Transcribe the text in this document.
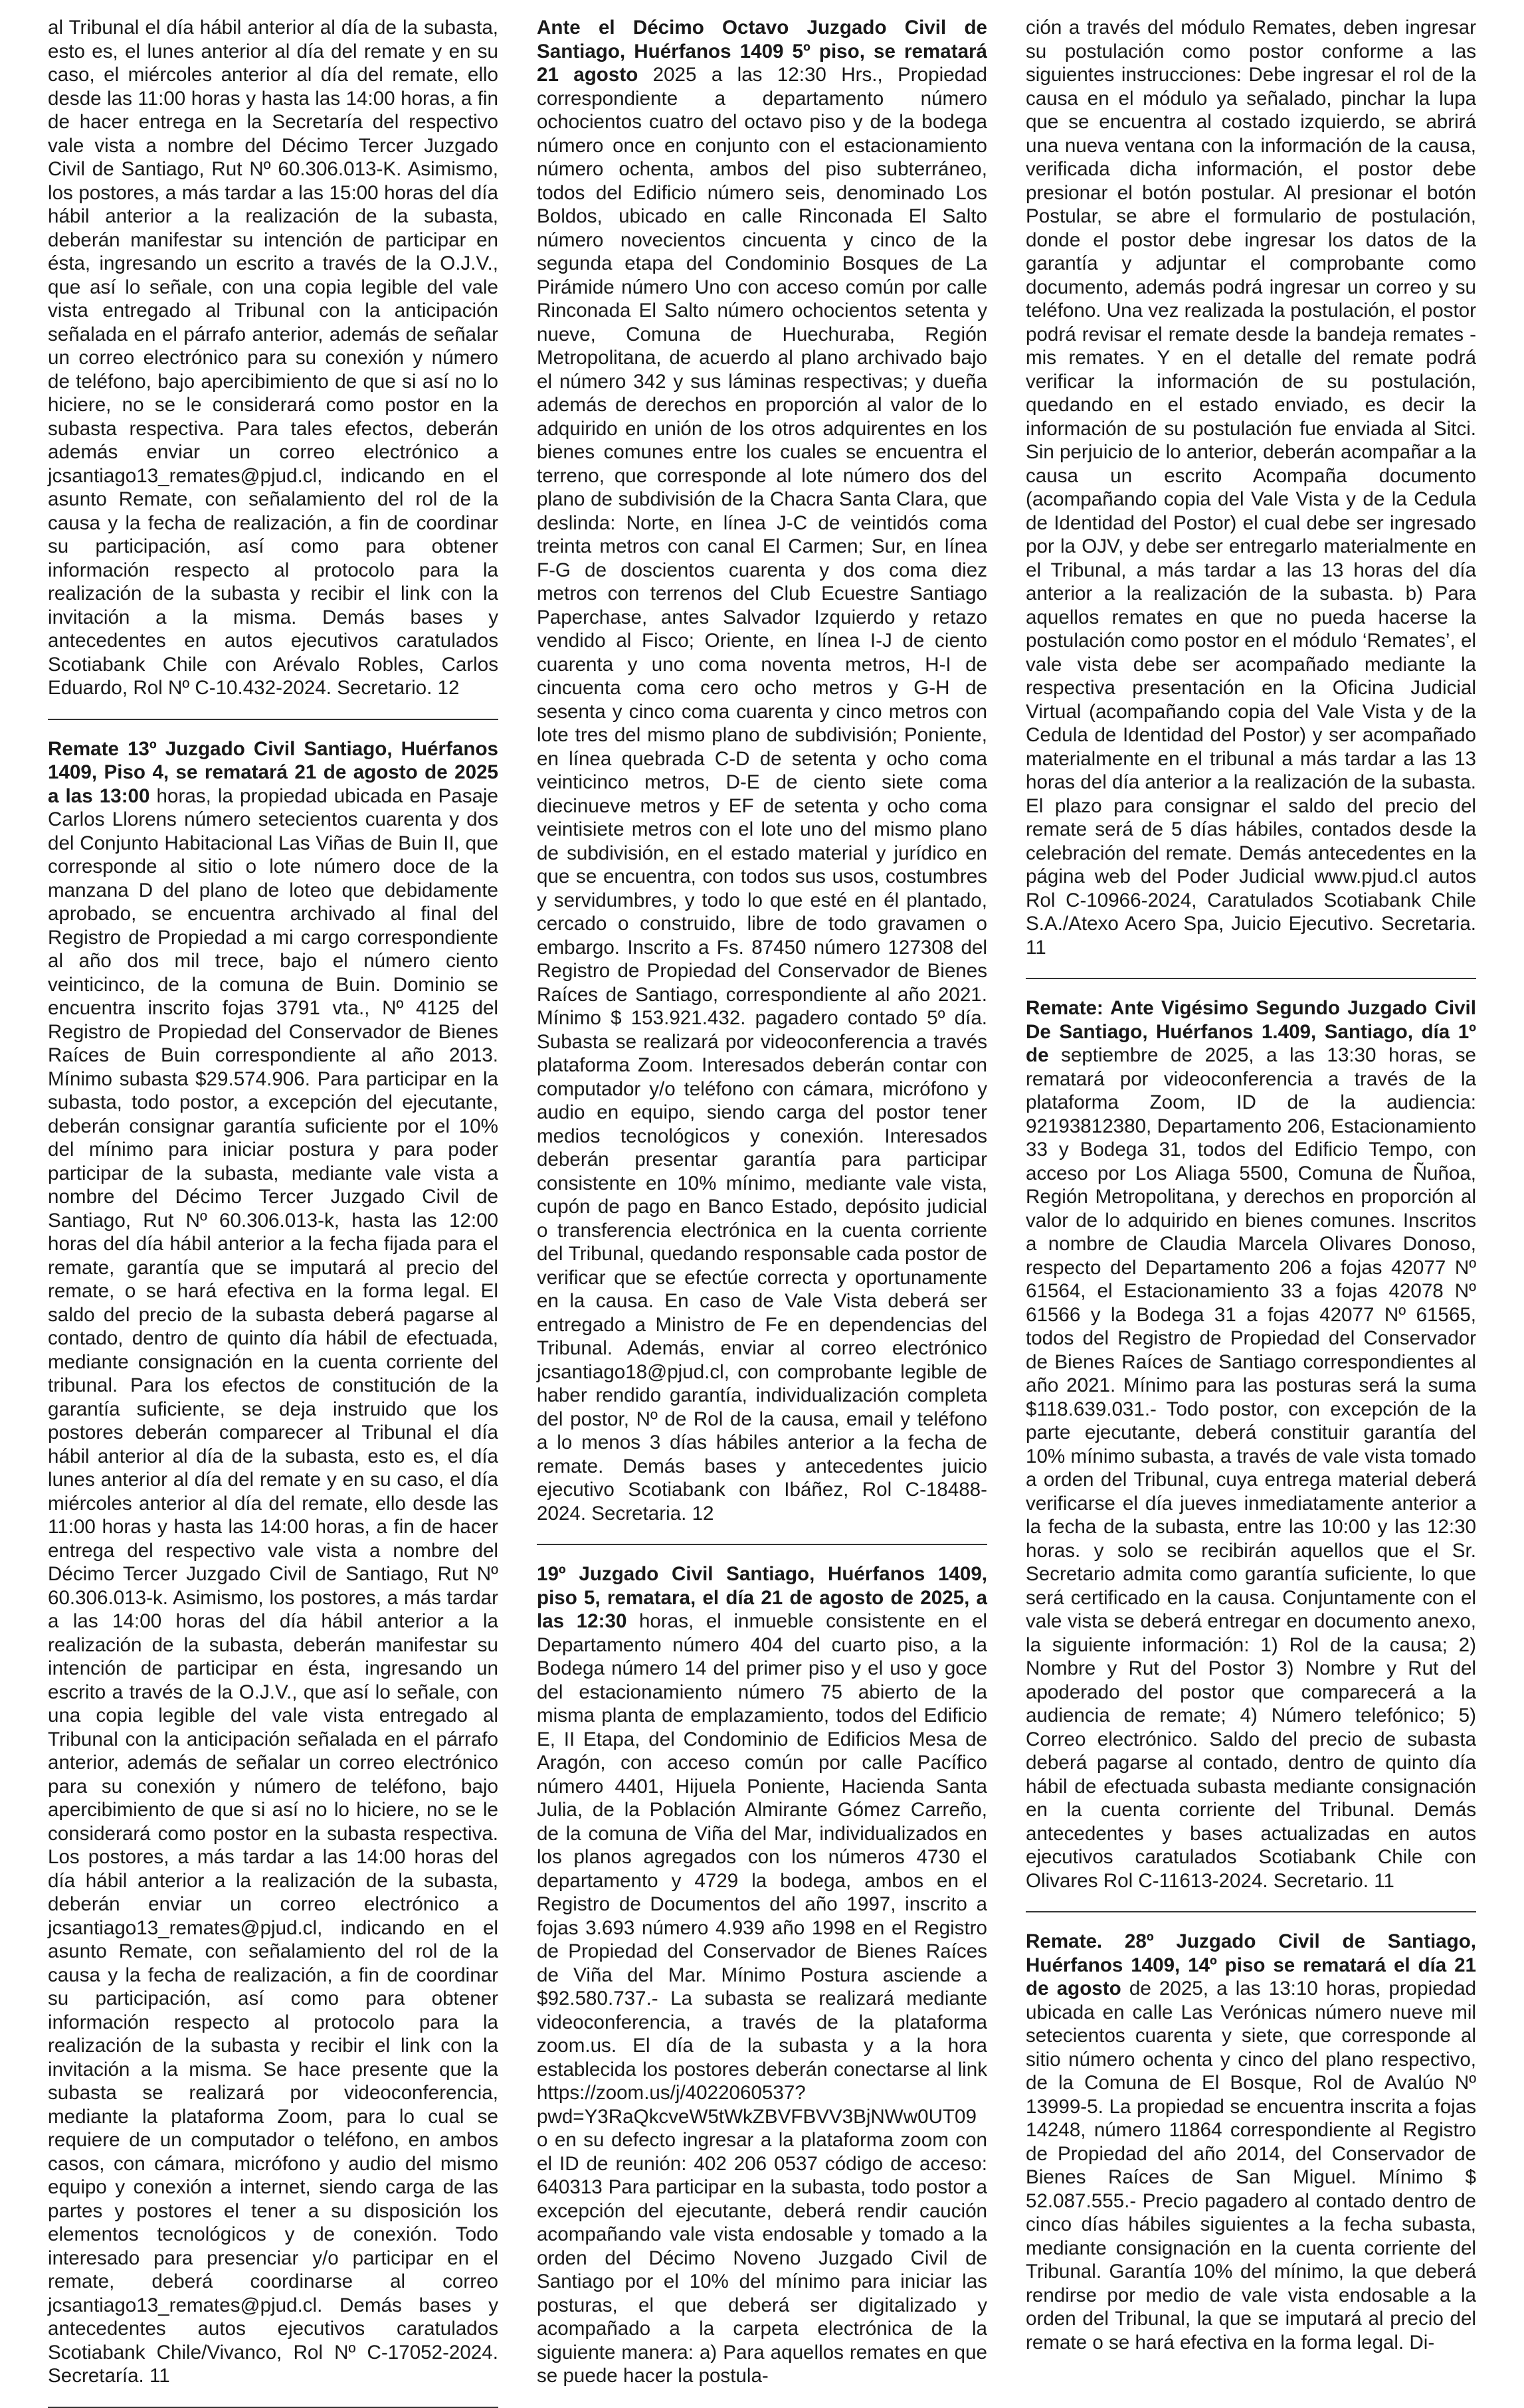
al Tribunal el día hábil anterior al día de la subasta, esto es, el lunes anterior al día del remate y en su caso, el miércoles anterior al día del remate, ello desde las 11:00 horas y hasta las 14:00 horas, a fin de hacer entrega en la Secretaría del respectivo vale vista a nombre del Décimo Tercer Juzgado Civil de Santiago, Rut Nº 60.306.013-K. Asimismo, los postores, a más tardar a las 15:00 horas del día hábil anterior a la realización de la subasta, deberán manifestar su intención de participar en ésta, ingresando un escrito a través de la O.J.V., que así lo señale, con una copia legible del vale vista entregado al Tribunal con la anticipación señalada en el párrafo anterior, además de señalar un correo electrónico para su conexión y número de teléfono, bajo apercibimiento de que si así no lo hiciere, no se le considerará como postor en la subasta respectiva. Para tales efectos, deberán además enviar un correo electrónico a jcsantiago13_remates@pjud.cl, indicando en el asunto Remate, con señalamiento del rol de la causa y la fecha de realización, a fin de coordinar su participación, así como para obtener información respecto al protocolo para la realización de la subasta y recibir el link con la invitación a la misma. Demás bases y antecedentes en autos ejecutivos caratulados Scotiabank Chile con Arévalo Robles, Carlos Eduardo, Rol Nº C-10.432-2024. Secretario. 12

Remate 13º Juzgado Civil Santiago, Huérfanos 1409, Piso 4, se rematará 21 de agosto de 2025 a las 13:00 horas, la propiedad ubicada en Pasaje Carlos Llorens número setecientos cuarenta y dos del Conjunto Habitacional Las Viñas de Buin II, que corresponde al sitio o lote número doce de la manzana D del plano de loteo que debidamente aprobado, se encuentra archivado al final del Registro de Propiedad a mi cargo correspondiente al año dos mil trece, bajo el número ciento veinticinco, de la comuna de Buin. Dominio se encuentra inscrito fojas 3791 vta., Nº 4125 del Registro de Propiedad del Conservador de Bienes Raíces de Buin correspondiente al año 2013. Mínimo subasta $29.574.906. Para participar en la subasta, todo postor, a excepción del ejecutante, deberán consignar garantía suficiente por el 10% del mínimo para iniciar postura y para poder participar de la subasta, mediante vale vista a nombre del Décimo Tercer Juzgado Civil de Santiago, Rut Nº 60.306.013-k, hasta las 12:00 horas del día hábil anterior a la fecha fijada para el remate, garantía que se imputará al precio del remate, o se hará efectiva en la forma legal. El saldo del precio de la subasta deberá pagarse al contado, dentro de quinto día hábil de efectuada, mediante consignación en la cuenta corriente del tribunal. Para los efectos de constitución de la garantía suficiente, se deja instruido que los postores deberán comparecer al Tribunal el día hábil anterior al día de la subasta, esto es, el día lunes anterior al día del remate y en su caso, el día miércoles anterior al día del remate, ello desde las 11:00 horas y hasta las 14:00 horas, a fin de hacer entrega del respectivo vale vista a nombre del Décimo Tercer Juzgado Civil de Santiago, Rut Nº 60.306.013-k. Asimismo, los postores, a más tardar a las 14:00 horas del día hábil anterior a la realización de la subasta, deberán manifestar su intención de participar en ésta, ingresando un escrito a través de la O.J.V., que así lo señale, con una copia legible del vale vista entregado al Tribunal con la anticipación señalada en el párrafo anterior, además de señalar un correo electrónico para su conexión y número de teléfono, bajo apercibimiento de que si así no lo hiciere, no se le considerará como postor en la subasta respectiva. Los postores, a más tardar a las 14:00 horas del día hábil anterior a la realización de la subasta, deberán enviar un correo electrónico a jcsantiago13_remates@pjud.cl, indicando en el asunto Remate, con señalamiento del rol de la causa y la fecha de realización, a fin de coordinar su participación, así como para obtener información respecto al protocolo para la realización de la subasta y recibir el link con la invitación a la misma. Se hace presente que la subasta se realizará por videoconferencia, mediante la plataforma Zoom, para lo cual se requiere de un computador o teléfono, en ambos casos, con cámara, micrófono y audio del mismo equipo y conexión a internet, siendo carga de las partes y postores el tener a su disposición los elementos tecnológicos y de conexión. Todo interesado para presenciar y/o participar en el remate, deberá coordinarse al correo jcsantiago13_remates@pjud.cl. Demás bases y antecedentes autos ejecutivos caratulados Scotiabank Chile/Vivanco, Rol Nº C-17052-2024. Secretaría. 11

Ante el Décimo Octavo Juzgado Civil de Santiago, Huérfanos 1409 5º piso, se rematará 21 agosto 2025 a las 12:30 Hrs., Propiedad correspondiente a departamento número ochocientos cuatro del octavo piso y de la bodega número once en conjunto con el estacionamiento número ochenta, ambos del piso subterráneo, todos del Edificio número seis, denominado Los Boldos, ubicado en calle Rinconada El Salto número novecientos cincuenta y cinco de la segunda etapa del Condominio Bosques de La Pirámide número Uno con acceso común por calle Rinconada El Salto número ochocientos setenta y nueve, Comuna de Huechuraba, Región Metropolitana, de acuerdo al plano archivado bajo el número 342 y sus láminas respectivas; y dueña además de derechos en proporción al valor de lo adquirido en unión de los otros adquirentes en los bienes comunes entre los cuales se encuentra el terreno, que corresponde al lote número dos del plano de subdivisión de la Chacra Santa Clara, que deslinda: Norte, en línea J-C de veintidós coma treinta metros con canal El Carmen; Sur, en línea F-G de doscientos cuarenta y dos coma diez metros con terrenos del Club Ecuestre Santiago Paperchase, antes Salvador Izquierdo y retazo vendido al Fisco; Oriente, en línea I-J de ciento cuarenta y uno coma noventa metros, H-I de cincuenta coma cero ocho metros y G-H de sesenta y cinco coma cuarenta y cinco metros con lote tres del mismo plano de subdivisión; Poniente, en línea quebrada C-D de setenta y ocho coma veinticinco metros, D-E de ciento siete coma diecinueve metros y EF de setenta y ocho coma veintisiete metros con el lote uno del mismo plano de subdivisión, en el estado material y jurídico en que se encuentra, con todos sus usos, costumbres y servidumbres, y todo lo que esté en él plantado, cercado o construido, libre de todo gravamen o embargo. Inscrito a Fs. 87450 número 127308 del Registro de Propiedad del Conservador de Bienes Raíces de Santiago, correspondiente al año 2021. Mínimo $ 153.921.432. pagadero contado 5º día. Subasta se realizará por videoconferencia a través plataforma Zoom. Interesados deberán contar con computador y/o teléfono con cámara, micrófono y audio en equipo, siendo carga del postor tener medios tecnológicos y conexión. Interesados deberán presentar garantía para participar consistente en 10% mínimo, mediante vale vista, cupón de pago en Banco Estado, depósito judicial o transferencia electrónica en la cuenta corriente del Tribunal, quedando responsable cada postor de verificar que se efectúe correcta y oportunamente en la causa. En caso de Vale Vista deberá ser entregado a Ministro de Fe en dependencias del Tribunal. Además, enviar al correo electrónico jcsantiago18@pjud.cl, con comprobante legible de haber rendido garantía, individualización completa del postor, Nº de Rol de la causa, email y teléfono a lo menos 3 días hábiles anterior a la fecha de remate. Demás bases y antecedentes juicio ejecutivo Scotiabank con Ibáñez, Rol C-18488-2024. Secretaria. 12

19º Juzgado Civil Santiago, Huérfanos 1409, piso 5, rematara, el día 21 de agosto de 2025, a las 12:30 horas, el inmueble consistente en el Departamento número 404 del cuarto piso, a la Bodega número 14 del primer piso y el uso y goce del estacionamiento número 75 abierto de la misma planta de emplazamiento, todos del Edificio E, II Etapa, del Condominio de Edificios Mesa de Aragón, con acceso común por calle Pacífico número 4401, Hijuela Poniente, Hacienda Santa Julia, de la Población Almirante Gómez Carreño, de la comuna de Viña del Mar, individualizados en los planos agregados con los números 4730 el departamento y 4729 la bodega, ambos en el Registro de Documentos del año 1997, inscrito a fojas 3.693 número 4.939 año 1998 en el Registro de Propiedad del Conservador de Bienes Raíces de Viña del Mar. Mínimo Postura asciende a $92.580.737.- La subasta se realizará mediante videoconferencia, a través de la plataforma zoom.us. El día de la subasta y a la hora establecida los postores deberán conectarse al link https://zoom.us/j/4022060537?pwd=Y3RaQkcveW5tWkZBVFBVV3BjNWw0UT09 o en su defecto ingresar a la plataforma zoom con el ID de reunión: 402 206 0537 código de acceso: 640313 Para participar en la subasta, todo postor a excepción del ejecutante, deberá rendir caución acompañando vale vista endosable y tomado a la orden del Décimo Noveno Juzgado Civil de Santiago por el 10% del mínimo para iniciar las posturas, el que deberá ser digitalizado y acompañado a la carpeta electrónica de la siguiente manera: a) Para aquellos remates en que se puede hacer la postula-

ción a través del módulo Remates, deben ingresar su postulación como postor conforme a las siguientes instrucciones: Debe ingresar el rol de la causa en el módulo ya señalado, pinchar la lupa que se encuentra al costado izquierdo, se abrirá una nueva ventana con la información de la causa, verificada dicha información, el postor debe presionar el botón postular. Al presionar el botón Postular, se abre el formulario de postulación, donde el postor debe ingresar los datos de la garantía y adjuntar el comprobante como documento, además podrá ingresar un correo y su teléfono. Una vez realizada la postulación, el postor podrá revisar el remate desde la bandeja remates - mis remates. Y en el detalle del remate podrá verificar la información de su postulación, quedando en el estado enviado, es decir la información de su postulación fue enviada al Sitci. Sin perjuicio de lo anterior, deberán acompañar a la causa un escrito Acompaña documento (acompañando copia del Vale Vista y de la Cedula de Identidad del Postor) el cual debe ser ingresado por la OJV, y debe ser entregarlo materialmente en el Tribunal, a más tardar a las 13 horas del día anterior a la realización de la subasta. b) Para aquellos remates en que no pueda hacerse la postulación como postor en el módulo ‘Remates’, el vale vista debe ser acompañado mediante la respectiva presentación en la Oficina Judicial Virtual (acompañando copia del Vale Vista y de la Cedula de Identidad del Postor) y ser acompañado materialmente en el tribunal a más tardar a las 13 horas del día anterior a la realización de la subasta. El plazo para consignar el saldo del precio del remate será de 5 días hábiles, contados desde la celebración del remate. Demás antecedentes en la página web del Poder Judicial www.pjud.cl autos Rol C-10966-2024, Caratulados Scotiabank Chile S.A./Atexo Acero Spa, Juicio Ejecutivo. Secretaria. 11

Remate: Ante Vigésimo Segundo Juzgado Civil De Santiago, Huérfanos 1.409, Santiago, día 1º de septiembre de 2025, a las 13:30 horas, se rematará por videoconferencia a través de la plataforma Zoom, ID de la audiencia: 92193812380, Departamento 206, Estacionamiento 33 y Bodega 31, todos del Edificio Tempo, con acceso por Los Aliaga 5500, Comuna de Ñuñoa, Región Metropolitana, y derechos en proporción al valor de lo adquirido en bienes comunes. Inscritos a nombre de Claudia Marcela Olivares Donoso, respecto del Departamento 206 a fojas 42077 Nº 61564, el Estacionamiento 33 a fojas 42078 Nº 61566 y la Bodega 31 a fojas 42077 Nº 61565, todos del Registro de Propiedad del Conservador de Bienes Raíces de Santiago correspondientes al año 2021. Mínimo para las posturas será la suma $118.639.031.- Todo postor, con excepción de la parte ejecutante, deberá constituir garantía del 10% mínimo subasta, a través de vale vista tomado a orden del Tribunal, cuya entrega material deberá verificarse el día jueves inmediatamente anterior a la fecha de la subasta, entre las 10:00 y las 12:30 horas. y solo se recibirán aquellos que el Sr. Secretario admita como garantía suficiente, lo que será certificado en la causa. Conjuntamente con el vale vista se deberá entregar en documento anexo, la siguiente información: 1) Rol de la causa; 2) Nombre y Rut del Postor 3) Nombre y Rut del apoderado del postor que comparecerá a la audiencia de remate; 4) Número telefónico; 5) Correo electrónico. Saldo del precio de subasta deberá pagarse al contado, dentro de quinto día hábil de efectuada subasta mediante consignación en la cuenta corriente del Tribunal. Demás antecedentes y bases actualizadas en autos ejecutivos caratulados Scotiabank Chile con Olivares Rol C-11613-2024. Secretario. 11

Remate. 28º Juzgado Civil de Santiago, Huérfanos 1409, 14º piso se rematará el día 21 de agosto de 2025, a las 13:10 horas, propiedad ubicada en calle Las Verónicas número nueve mil setecientos cuarenta y siete, que corresponde al sitio número ochenta y cinco del plano respectivo, de la Comuna de El Bosque, Rol de Avalúo Nº 13999-5. La propiedad se encuentra inscrita a fojas 14248, número 11864 correspondiente al Registro de Propiedad del año 2014, del Conservador de Bienes Raíces de San Miguel. Mínimo $ 52.087.555.- Precio pagadero al contado dentro de cinco días hábiles siguientes a la fecha subasta, mediante consignación en la cuenta corriente del Tribunal. Garantía 10% del mínimo, la que deberá rendirse por medio de vale vista endosable a la orden del Tribunal, la que se imputará al precio del remate o se hará efectiva en la forma legal. Di-
